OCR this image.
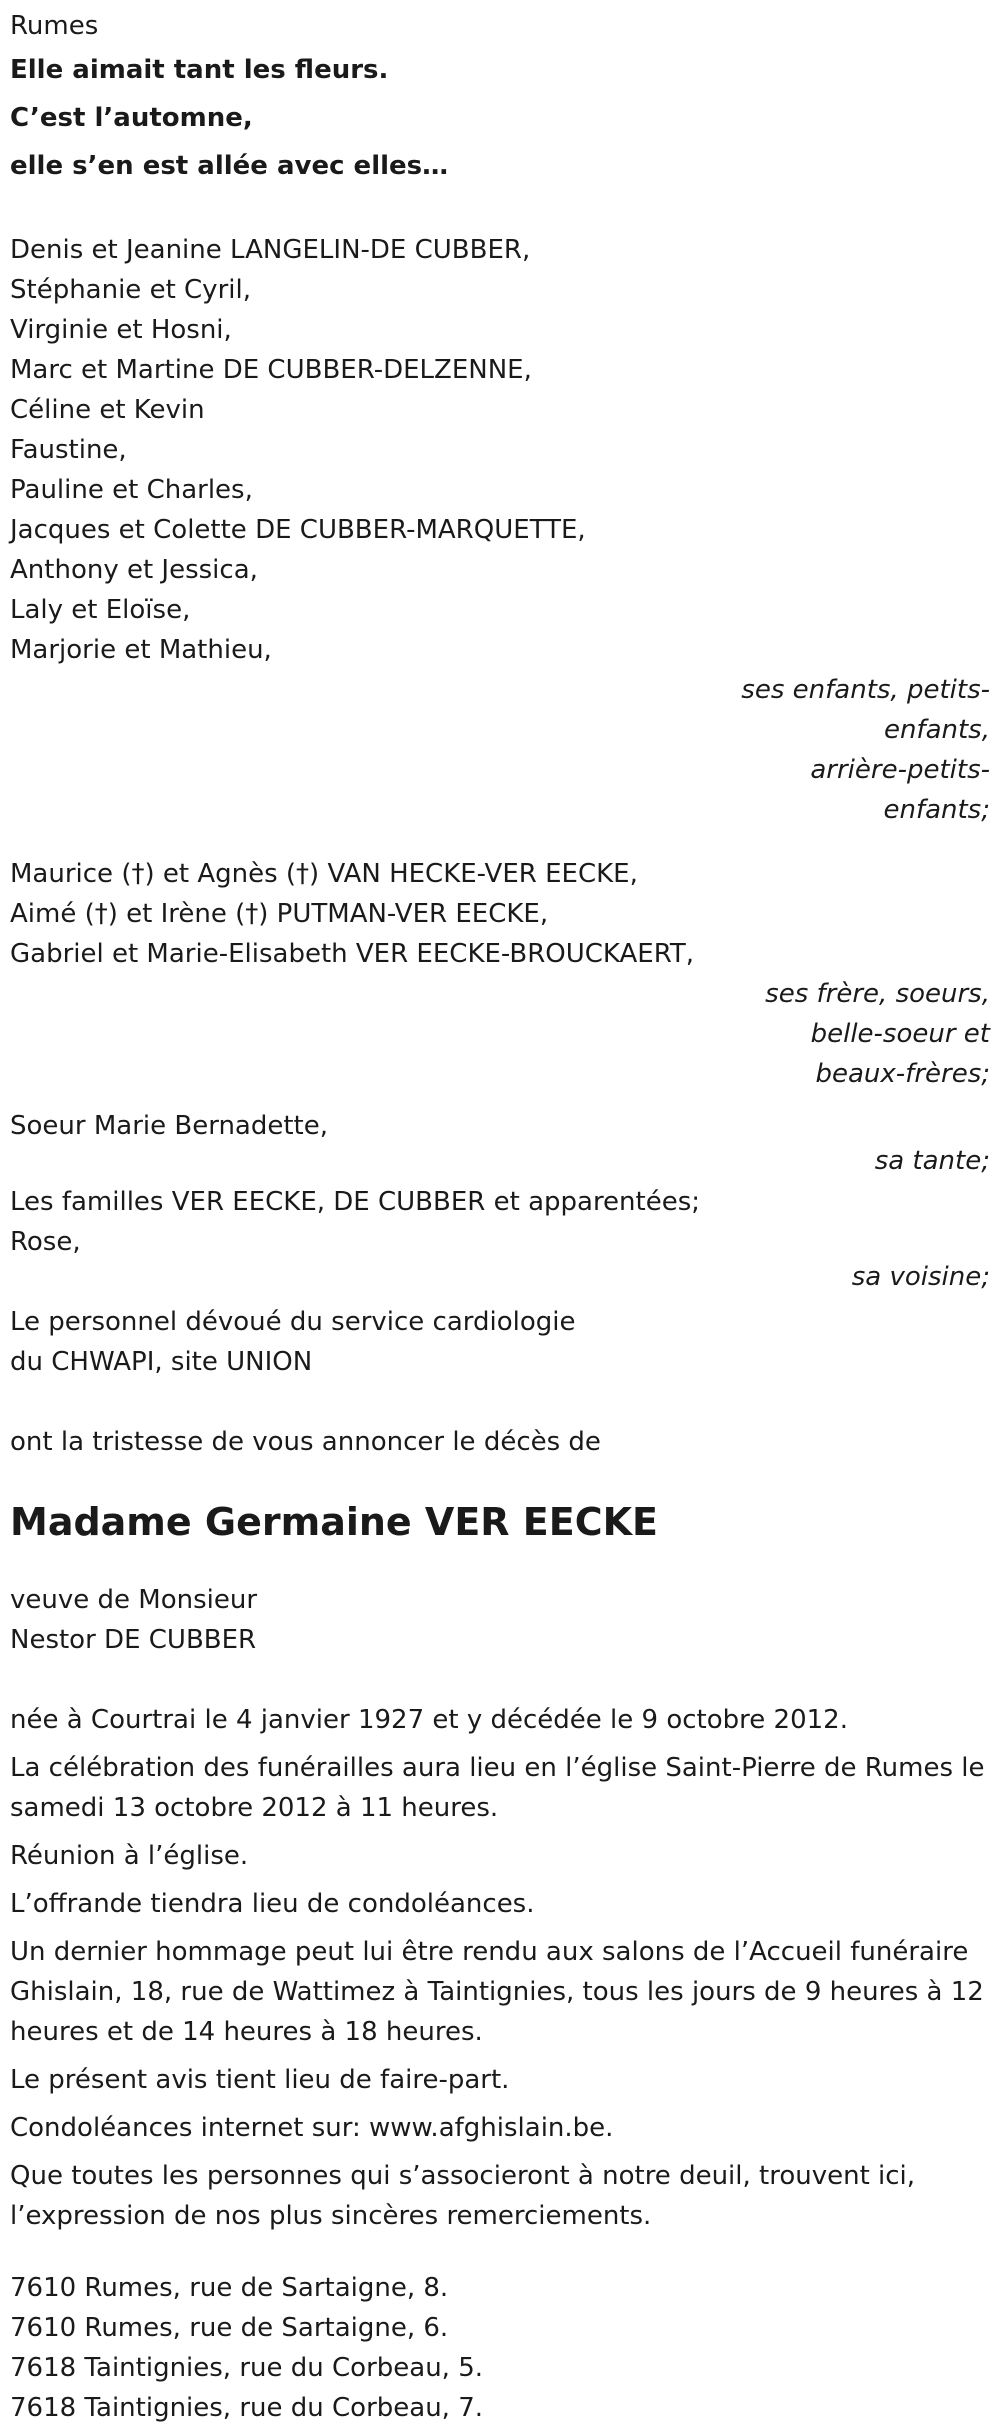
Rumes
Elle aimait tant les fleurs.
C’est l’automne,
elle s’en est allée avec elles…
Denis et Jeanine LANGELIN-DE CUBBER,
Stéphanie et Cyril,
Virginie et Hosni,
Marc et Martine DE CUBBER-DELZENNE,
Céline et Kevin
Faustine,
Pauline et Charles,
Jacques et Colette DE CUBBER-MARQUETTE,
Anthony et Jessica,
Laly et Eloïse,
Marjorie et Mathieu,
ses enfants, petits-enfants,
arrière-petits-enfants;
Maurice (†) et Agnès (†) VAN HECKE-VER EECKE,
Aimé (†) et Irène (†) PUTMAN-VER EECKE,
Gabriel et Marie-Elisabeth VER EECKE-BROUCKAERT,
ses frère, soeurs,
belle-soeur et
beaux-frères;
Soeur Marie Bernadette,
sa tante;
Les familles VER EECKE, DE CUBBER et apparentées;
Rose,
sa voisine;
Le personnel dévoué du service cardiologie
du CHWAPI, site UNION
ont la tristesse de vous annoncer le décès de
Madame Germaine VER EECKE
veuve de Monsieur
Nestor DE CUBBER
née à Courtrai le 4 janvier 1927 et y décédée le 9 octobre 2012.
La célébration des funérailles aura lieu en l’église Saint-Pierre de Rumes le samedi 13 octobre 2012 à 11 heures.
Réunion à l’église.
L’offrande tiendra lieu de condoléances.
Un dernier hommage peut lui être rendu aux salons de l’Accueil funéraire Ghislain, 18, rue de Wattimez à Taintignies, tous les jours de 9 heures à 12 heures et de 14 heures à 18 heures.
Le présent avis tient lieu de faire-part.
Condoléances internet sur: www.afghislain.be.
Que toutes les personnes qui s’associeront à notre deuil, trouvent ici, l’expression de nos plus sincères remerciements.
7610 Rumes, rue de Sartaigne, 8.
7610 Rumes, rue de Sartaigne, 6.
7618 Taintignies, rue du Corbeau, 5.
7618 Taintignies, rue du Corbeau, 7.
